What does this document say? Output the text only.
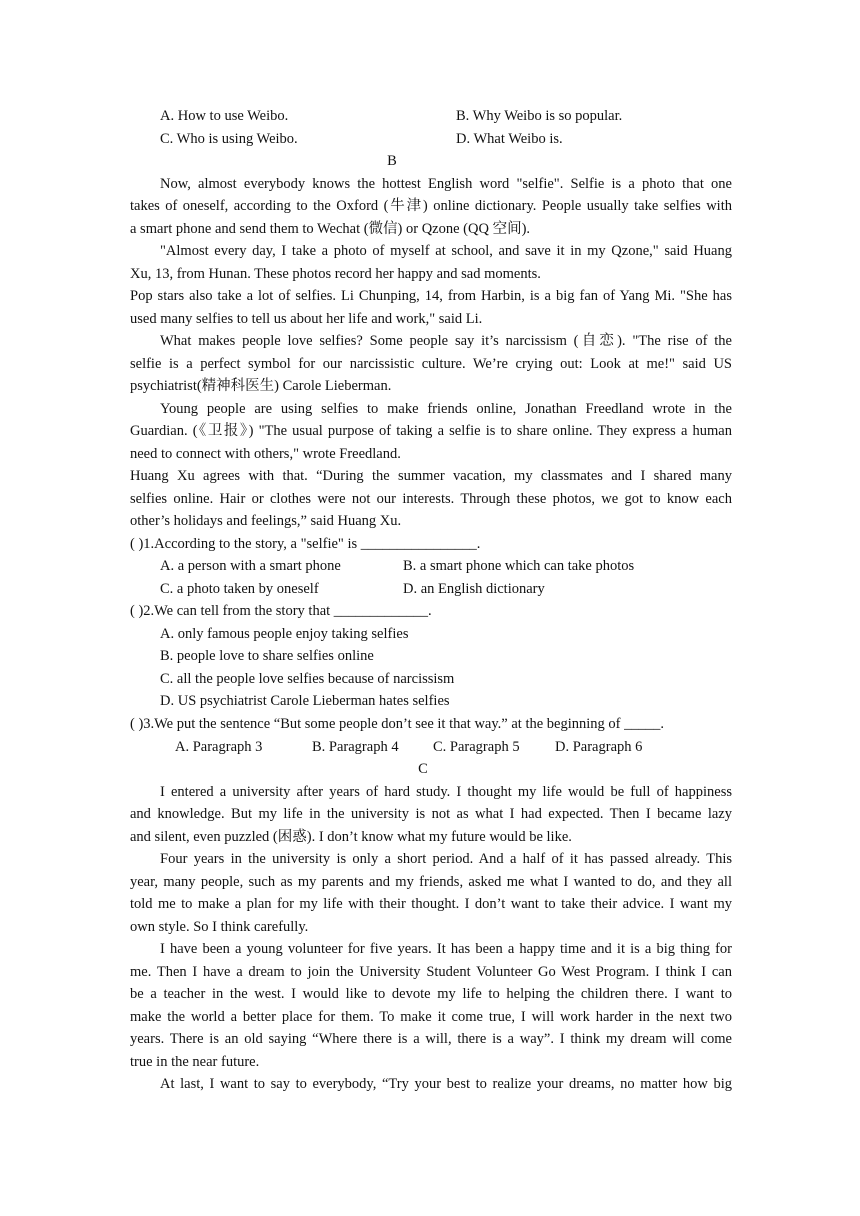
A. How to use Weibo.	B. Why Weibo is so popular.
C. Who is using Weibo.	D. What Weibo is.
B
Now, almost everybody knows the hottest English word "selfie". Selfie is a photo that one
takes of oneself, according to the Oxford (牛津) online dictionary. People usually take selfies with
a smart phone and send them to Wechat (微信) or Qzone (QQ 空间).
"Almost every day, I take a photo of myself at school, and save it in my Qzone," said Huang
Xu, 13, from Hunan. These photos record her happy and sad moments.
Pop stars also take a lot of selfies. Li Chunping, 14, from Harbin, is a big fan of Yang Mi. "She has
used many selfies to tell us about her life and work," said Li.
What makes people love selfies? Some people say it’s narcissism (自恋). "The rise of the
selfie is a perfect symbol for our narcissistic culture. We’re crying out: Look at me!" said US
psychiatrist(精神科医生) Carole Lieberman.
Young people are using selfies to make friends online, Jonathan Freedland wrote in the
Guardian. (《卫报》) "The usual purpose of taking a selfie is to share online. They express a human
need to connect with others," wrote Freedland.
Huang Xu agrees with that. “During the summer vacation, my classmates and I shared many
selfies online. Hair or clothes were not our interests. Through these photos, we got to know each
other’s holidays and feelings,” said Huang Xu.
( )1.According to the story, a "selfie" is ________________.
A. a person with a smart phone	B. a smart phone which can take photos
C. a photo taken by oneself	D. an English dictionary
( )2.We can tell from the story that _____________.
A. only famous people enjoy taking selfies
B. people love to share selfies online
C. all the people love selfies because of narcissism
D. US psychiatrist Carole Lieberman hates selfies
( )3.We put the sentence “But some people don’t see it that way.” at the beginning of _____.
A. Paragraph 3	B. Paragraph 4 C. Paragraph 5 D. Paragraph 6
C
I entered a university after years of hard study. I thought my life would be full of happiness
and knowledge. But my life in the university is not as what I had expected. Then I became lazy
and silent, even puzzled (困惑). I don’t know what my future would be like.
Four years in the university is only a short period. And a half of it has passed already. This
year, many people, such as my parents and my friends, asked me what I wanted to do, and they all
told me to make a plan for my life with their thought. I don’t want to take their advice. I want my
own style. So I think carefully.
I have been a young volunteer for five years. It has been a happy time and it is a big thing for
me. Then I have a dream to join the University Student Volunteer Go West Program. I think I can
be a teacher in the west. I would like to devote my life to helping the children there. I want to
make the world a better place for them. To make it come true, I will work harder in the next two
years. There is an old saying “Where there is a will, there is a way”. I think my dream will come
true in the near future.
At last, I want to say to everybody, “Try your best to realize your dreams, no matter how big
